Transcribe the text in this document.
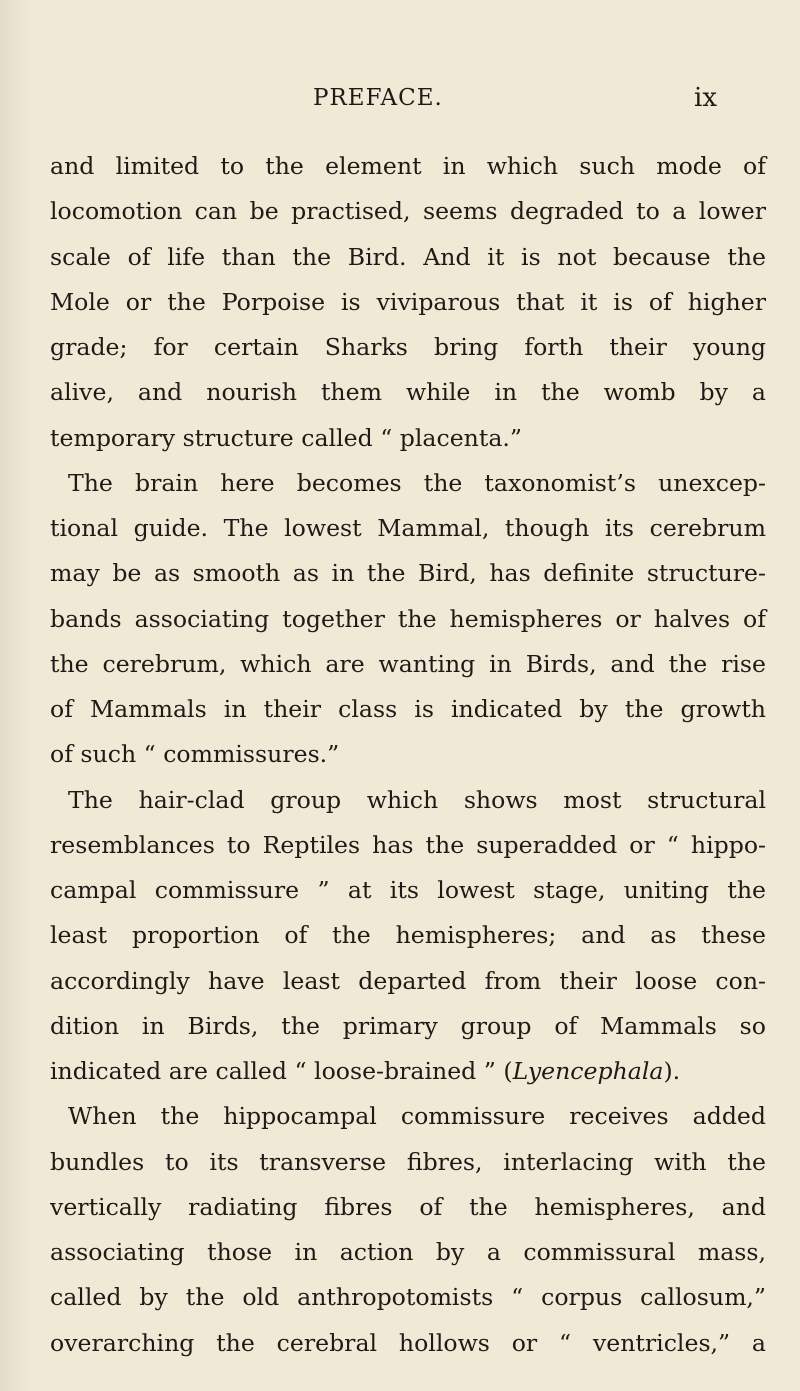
PREFACE.	ix
and limited to the element in which such mode of
locomotion can be practised, seems degraded to a lower
scale of life than the Bird. And it is not because the
Mole or the Porpoise is viviparous that it is of higher
grade; for certain Sharks bring forth their young
alive, and nourish them while in the womb by a
temporary structure called “ placenta.”
The brain here becomes the taxonomist’s unexcep-
tional guide. The lowest Mammal, though its cerebrum
may be as smooth as in the Bird, has definite structure-
bands associating together the hemispheres or halves of
the cerebrum, which are wanting in Birds, and the rise
of Mammals in their class is indicated by the growth
of such “ commissures.”
The hair-clad group which shows most structural
resemblances to Reptiles has the superadded or “ hippo-
campal commissure ” at its lowest stage, uniting the
least proportion of the hemispheres; and as these
accordingly have least departed from their loose con-
dition in Birds, the primary group of Mammals so
indicated are called “ loose-brained ” (Lyencephala).
When the hippocampal commissure receives added
bundles to its transverse fibres, interlacing with the
vertically radiating fibres of the hemispheres, and
associating those in action by a commissural mass,
called by the old anthropotomists “ corpus callosum,”
overarching the cerebral hollows or “ ventricles,” a
